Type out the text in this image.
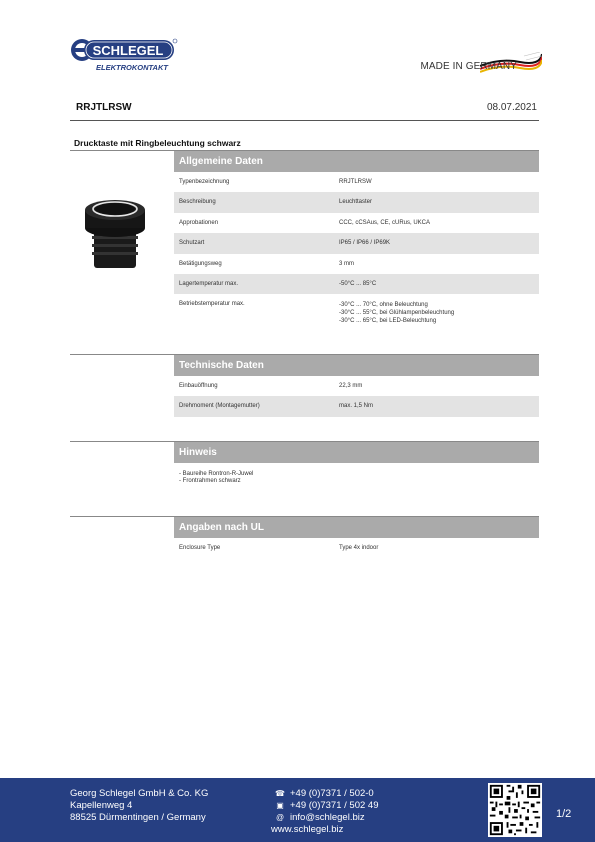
SCHLEGEL
ELEKTROKONTAKT	MADE IN GERMANY
RRJTLRSW	08.07.2021
Drucktaste mit Ringbeleuchtung schwarz
Allgemeine Daten
Typenbezeichnung	RRJTLRSW
Beschreibung	Leuchttaster
Approbationen	CCC, cCSAus, CE, cURus, UKCA
Schutzart	IP65 / IP66 / IP69K
Betätigungsweg	3 mm
Lagertemperatur max.	-50°C ... 85°C
Betriebstemperatur max.	-30°C ... 70°C, ohne Beleuchtung
-30°C ... 55°C, bei Glühlampenbeleuchtung
-30°C ... 65°C, bei LED-Beleuchtung
Technische Daten
Einbauöffnung	22,3 mm
Drehmoment (Montagemutter)	max. 1,5 Nm
Hinweis
- Baureihe Rontron-R-Juwel
- Frontrahmen schwarz
Angaben nach UL
Enclosure Type	Type 4x indoor
Georg Schlegel GmbH & Co. KG
Kapellenweg 4
88525 Dürmentingen / Germany
☎ +49 (0)7371 / 502-0
▣ +49 (0)7371 / 502 49
@ info@schlegel.biz
www.schlegel.biz
1/2
